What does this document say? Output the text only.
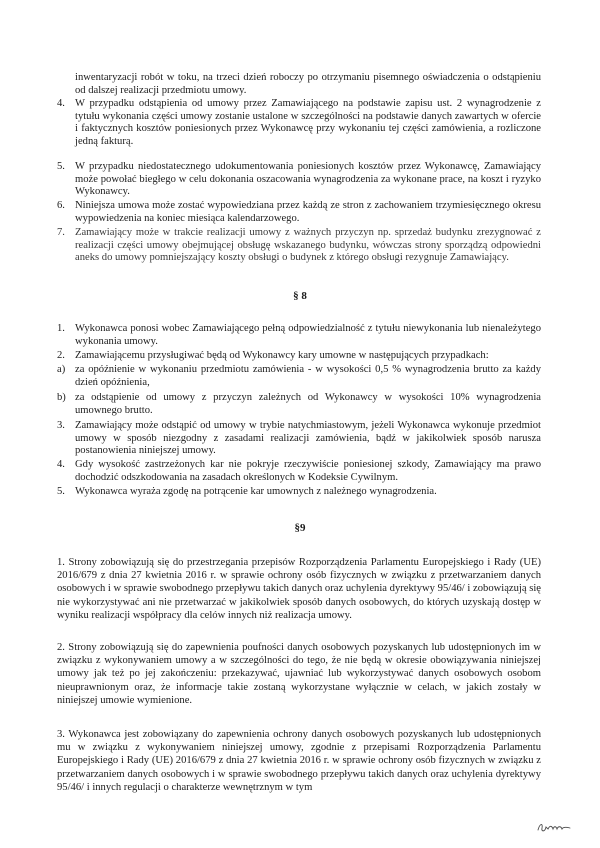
inwentaryzacji robót w toku, na trzeci dzień roboczy po otrzymaniu pisemnego oświadczenia o odstąpieniu od dalszej realizacji przedmiotu umowy.
4. W przypadku odstąpienia od umowy przez Zamawiającego na podstawie zapisu ust. 2 wynagrodzenie z tytułu wykonania części umowy zostanie ustalone w szczególności na podstawie danych zawartych w ofercie i faktycznych kosztów poniesionych przez Wykonawcę przy wykonaniu tej części zamówienia, a rozliczone jedną fakturą.
5. W przypadku niedostatecznego udokumentowania poniesionych kosztów przez Wykonawcę, Zamawiający może powołać biegłego w celu dokonania oszacowania wynagrodzenia za wykonane prace, na koszt i ryzyko Wykonawcy.
6. Niniejsza umowa może zostać wypowiedziana przez każdą ze stron z zachowaniem trzymiesięcznego okresu wypowiedzenia na koniec miesiąca kalendarzowego.
7. Zamawiający może w trakcie realizacji umowy z ważnych przyczyn np. sprzedaż budynku zrezygnować z realizacji części umowy obejmującej obsługę wskazanego budynku, wówczas strony sporządzą odpowiedni aneks do umowy pomniejszający koszty obsługi o budynek z którego obsługi rezygnuje Zamawiający.
§ 8
1. Wykonawca ponosi wobec Zamawiającego pełną odpowiedzialność z tytułu niewykonania lub nienależytego wykonania umowy.
2. Zamawiającemu przysługiwać będą od Wykonawcy kary umowne w następujących przypadkach:
a) za opóźnienie w wykonaniu przedmiotu zamówienia - w wysokości 0,5 % wynagrodzenia brutto za każdy dzień opóźnienia,
b) za odstąpienie od umowy z przyczyn zależnych od Wykonawcy w wysokości 10% wynagrodzenia umownego brutto.
3. Zamawiający może odstąpić od umowy w trybie natychmiastowym, jeżeli Wykonawca wykonuje przedmiot umowy w sposób niezgodny z zasadami realizacji zamówienia, bądź w jakikolwiek sposób narusza postanowienia niniejszej umowy.
4. Gdy wysokość zastrzeżonych kar nie pokryje rzeczywiście poniesionej szkody, Zamawiający ma prawo dochodzić odszkodowania na zasadach określonych w Kodeksie Cywilnym.
5. Wykonawca wyraża zgodę na potrącenie kar umownych z należnego wynagrodzenia.
§9
1. Strony zobowiązują się do przestrzegania przepisów Rozporządzenia Parlamentu Europejskiego i Rady (UE) 2016/679 z dnia 27 kwietnia 2016 r. w sprawie ochrony osób fizycznych w związku z przetwarzaniem danych osobowych i w sprawie swobodnego przepływu takich danych oraz uchylenia dyrektywy 95/46/ i zobowiązują się nie wykorzystywać ani nie przetwarzać w jakikolwiek sposób danych osobowych, do których uzyskają dostęp w wyniku realizacji współpracy dla celów innych niż realizacja umowy.
2. Strony zobowiązują się do zapewnienia poufności danych osobowych pozyskanych lub udostępnionych im w związku z wykonywaniem umowy a w szczególności do tego, że nie będą w okresie obowiązywania niniejszej umowy jak też po jej zakończeniu: przekazywać, ujawniać lub wykorzystywać danych osobowych osobom nieuprawnionym oraz, że informacje takie zostaną wykorzystane wyłącznie w celach, w jakich zostały w niniejszej umowie wymienione.
3. Wykonawca jest zobowiązany do zapewnienia ochrony danych osobowych pozyskanych lub udostępnionych mu w związku z wykonywaniem niniejszej umowy, zgodnie z przepisami Rozporządzenia Parlamentu Europejskiego i Rady (UE) 2016/679 z dnia 27 kwietnia 2016 r. w sprawie ochrony osób fizycznych w związku z przetwarzaniem danych osobowych i w sprawie swobodnego przepływu takich danych oraz uchylenia dyrektywy 95/46/ i innych regulacji o charakterze wewnętrznym w tym
